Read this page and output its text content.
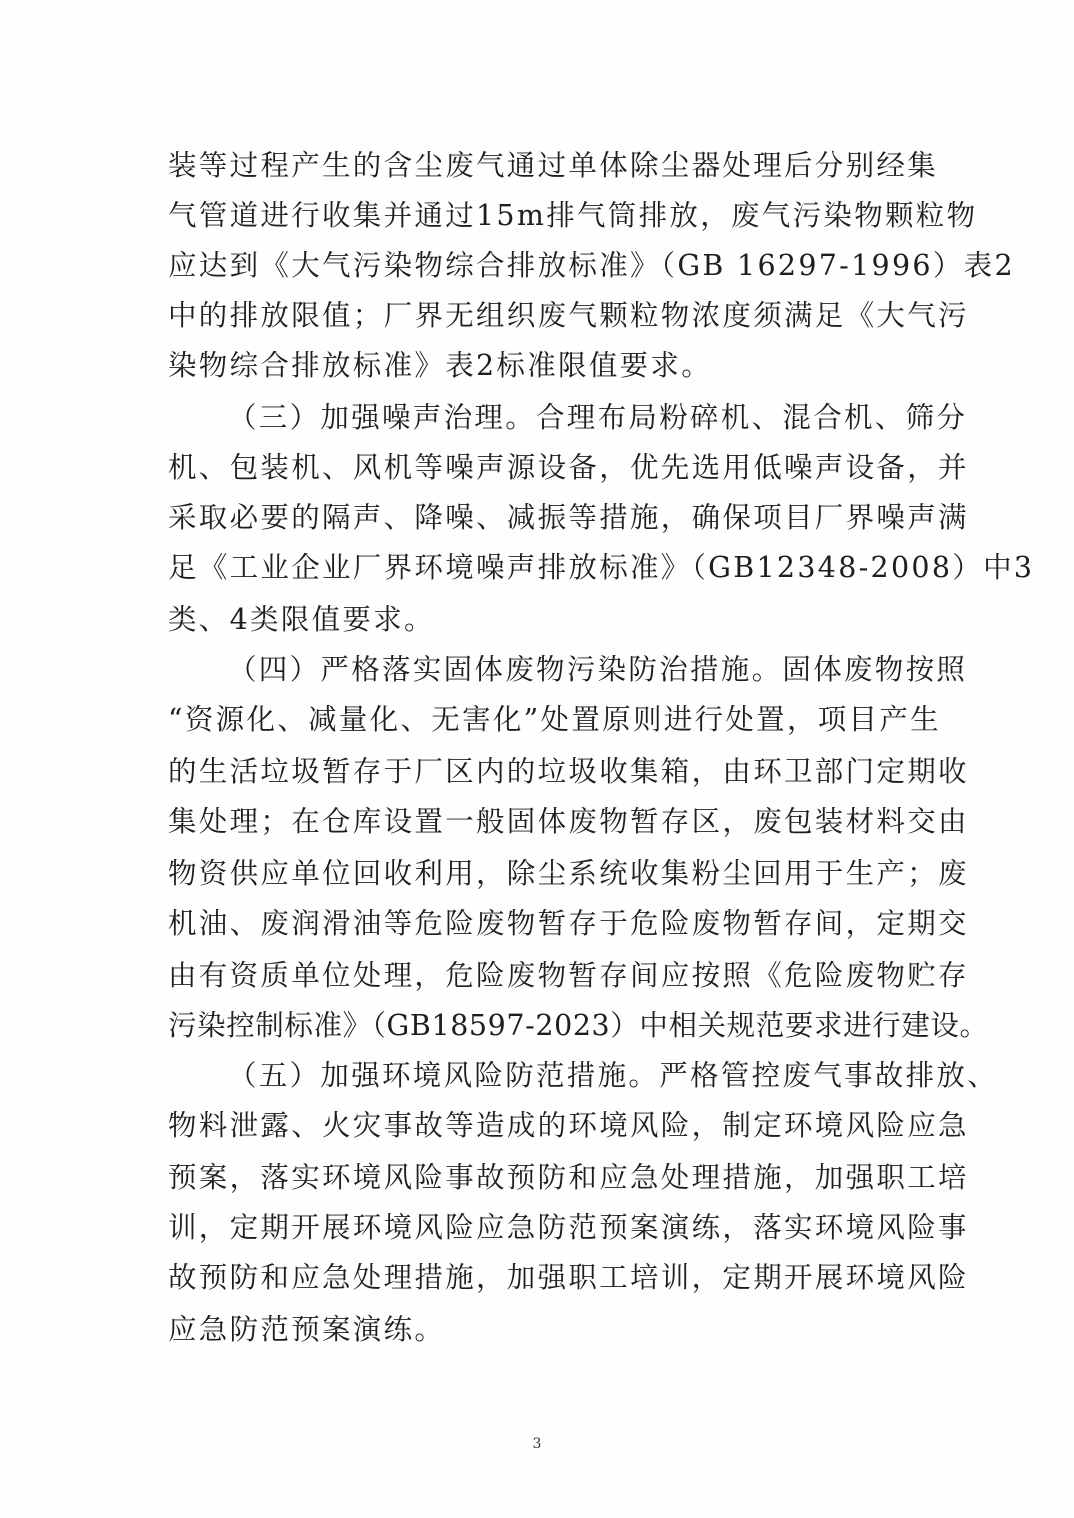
装等过程产生的含尘废气通过单体除尘器处理后分别经集
气管道进行收集并通过15m排气筒排放，废气污染物颗粒物
应达到《大气污染物综合排放标准》（GB 16297-1996）表2
中的排放限值；厂界无组织废气颗粒物浓度须满足《大气污
染物综合排放标准》表2标准限值要求。
（三）加强噪声治理。合理布局粉碎机、混合机、筛分
机、包装机、风机等噪声源设备，优先选用低噪声设备，并
采取必要的隔声、降噪、减振等措施，确保项目厂界噪声满
足《工业企业厂界环境噪声排放标准》（GB12348-2008）中3
类、4类限值要求。
（四）严格落实固体废物污染防治措施。固体废物按照
“资源化、减量化、无害化”处置原则进行处置，项目产生
的生活垃圾暂存于厂区内的垃圾收集箱，由环卫部门定期收
集处理；在仓库设置一般固体废物暂存区，废包装材料交由
物资供应单位回收利用，除尘系统收集粉尘回用于生产；废
机油、废润滑油等危险废物暂存于危险废物暂存间，定期交
由有资质单位处理，危险废物暂存间应按照《危险废物贮存
污染控制标准》（GB18597-2023）中相关规范要求进行建设。
（五）加强环境风险防范措施。严格管控废气事故排放、
物料泄露、火灾事故等造成的环境风险，制定环境风险应急
预案，落实环境风险事故预防和应急处理措施，加强职工培
训，定期开展环境风险应急防范预案演练，落实环境风险事
故预防和应急处理措施，加强职工培训，定期开展环境风险
应急防范预案演练。
3
